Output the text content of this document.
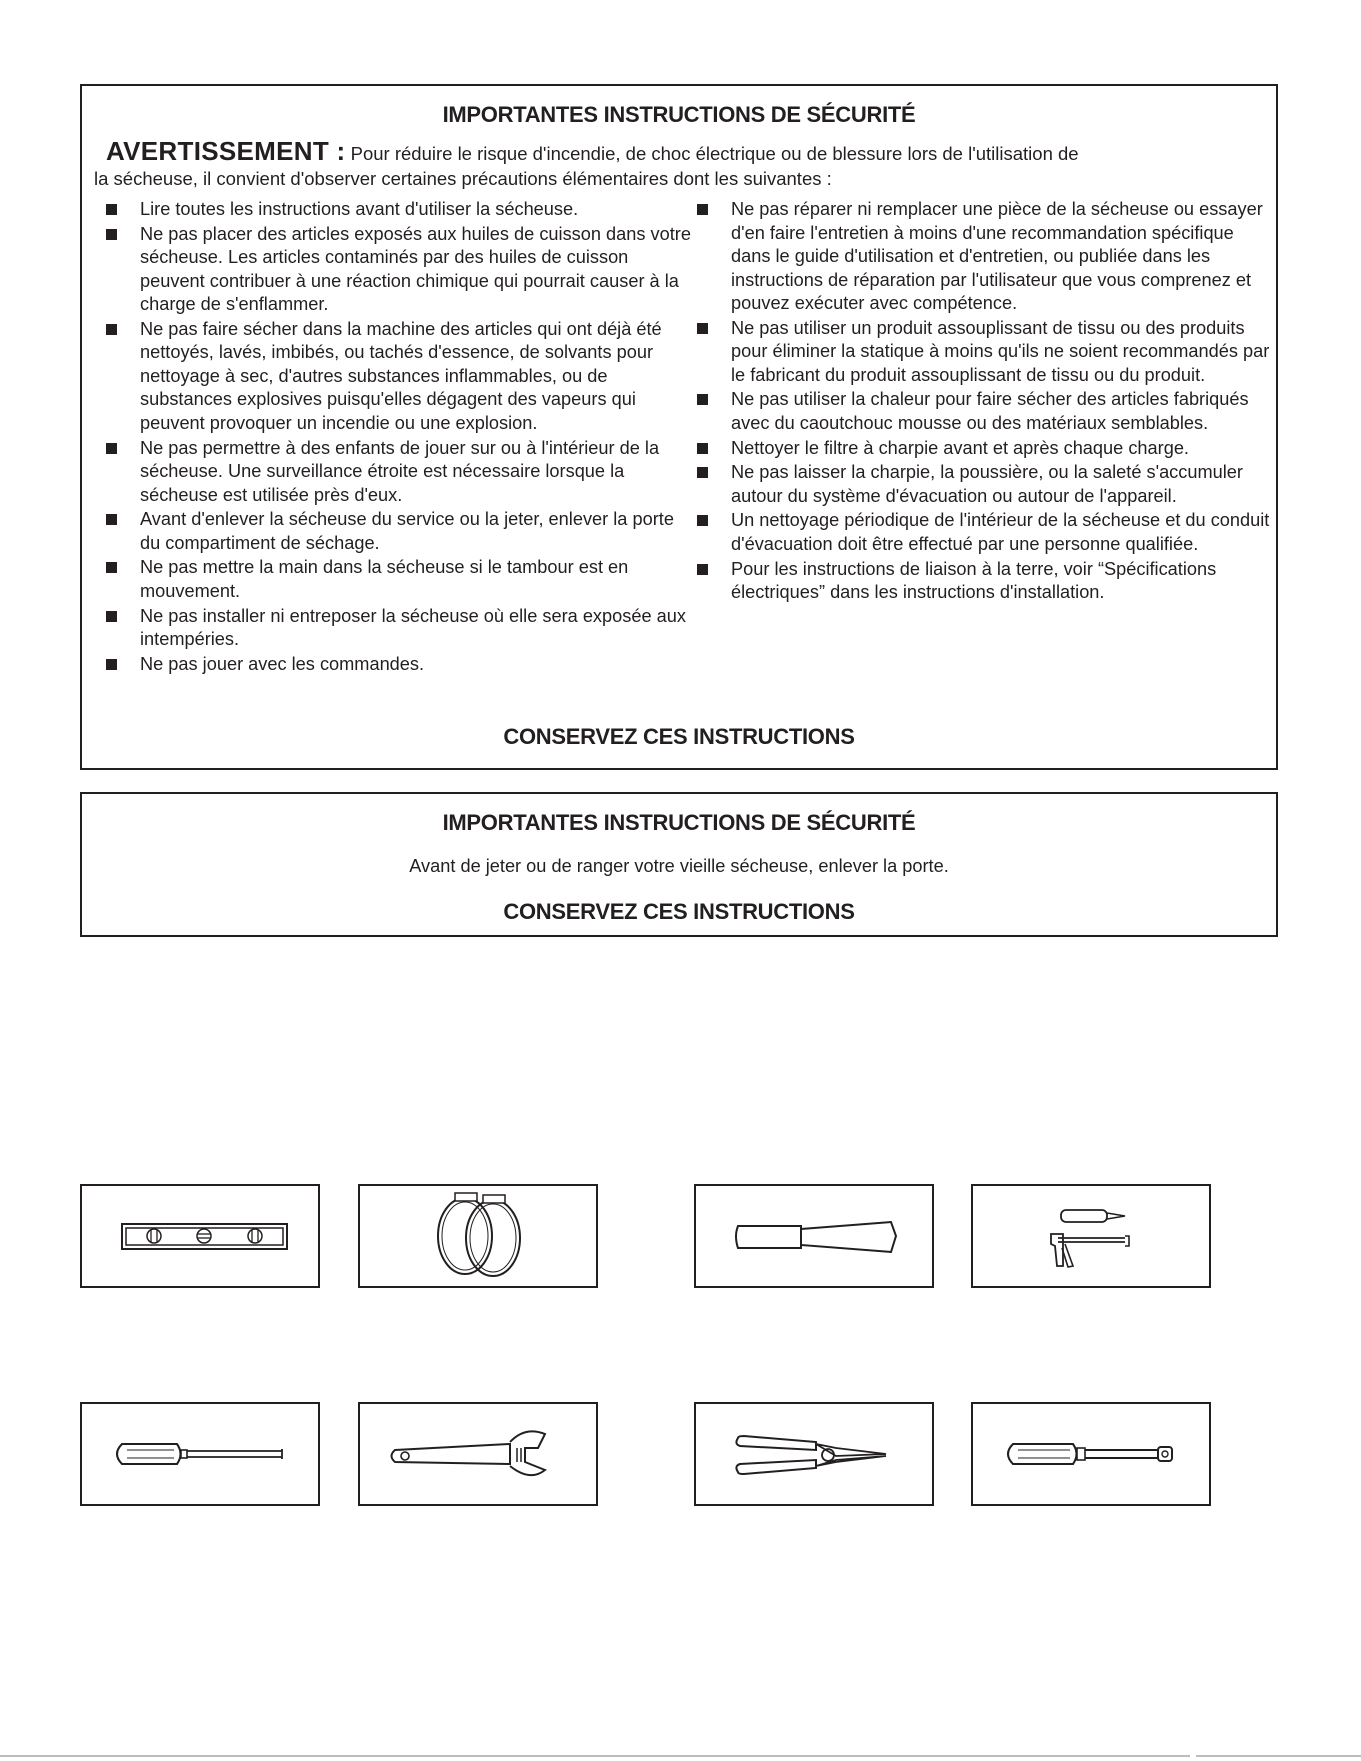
IMPORTANTES INSTRUCTIONS DE SÉCURITÉ
AVERTISSEMENT : Pour réduire le risque d'incendie, de choc électrique ou de blessure lors de l'utilisation de
la sécheuse, il convient d'observer certaines précautions élémentaires dont les suivantes :
Lire toutes les instructions avant d'utiliser la sécheuse.
Ne pas placer des articles exposés aux huiles de cuisson dans votre sécheuse. Les articles contaminés par des huiles de cuisson peuvent contribuer à une réaction chimique qui pourrait causer à la charge de s'enflammer.
Ne pas faire sécher dans la machine des articles qui ont déjà été nettoyés, lavés, imbibés, ou tachés d'essence, de solvants pour nettoyage à sec, d'autres substances inflammables, ou de substances explosives puisqu'elles dégagent des vapeurs qui peuvent provoquer un incendie ou une explosion.
Ne pas permettre à des enfants de jouer sur ou à l'intérieur de la sécheuse. Une surveillance étroite est nécessaire lorsque la sécheuse est utilisée près d'eux.
Avant d'enlever la sécheuse du service ou la jeter, enlever la porte du compartiment de séchage.
Ne pas mettre la main dans la sécheuse si le tambour est en mouvement.
Ne pas installer ni entreposer la sécheuse où elle sera exposée aux intempéries.
Ne pas jouer avec les commandes.
Ne pas réparer ni remplacer une pièce de la sécheuse ou essayer d'en faire l'entretien à moins d'une recommandation spécifique dans le guide d'utilisation et d'entretien, ou publiée dans les instructions de réparation par l'utilisateur que vous comprenez et pouvez exécuter avec compétence.
Ne pas utiliser un produit assouplissant de tissu ou des produits pour éliminer la statique à moins qu'ils ne soient recommandés par le fabricant du produit assouplissant de tissu ou du produit.
Ne pas utiliser la chaleur pour faire sécher des articles fabriqués avec du caoutchouc mousse ou des matériaux semblables.
Nettoyer le filtre à charpie avant et après chaque charge.
Ne pas laisser la charpie, la poussière, ou la saleté s'accumuler autour du système d'évacuation ou autour de l'appareil.
Un nettoyage périodique de l'intérieur de la sécheuse et du conduit d'évacuation doit être effectué par une personne qualifiée.
Pour les instructions de liaison à la terre, voir “Spécifications électriques” dans les instructions d'installation.
CONSERVEZ CES INSTRUCTIONS
IMPORTANTES INSTRUCTIONS DE SÉCURITÉ
Avant de jeter ou de ranger votre vieille sécheuse, enlever la porte.
CONSERVEZ CES INSTRUCTIONS
